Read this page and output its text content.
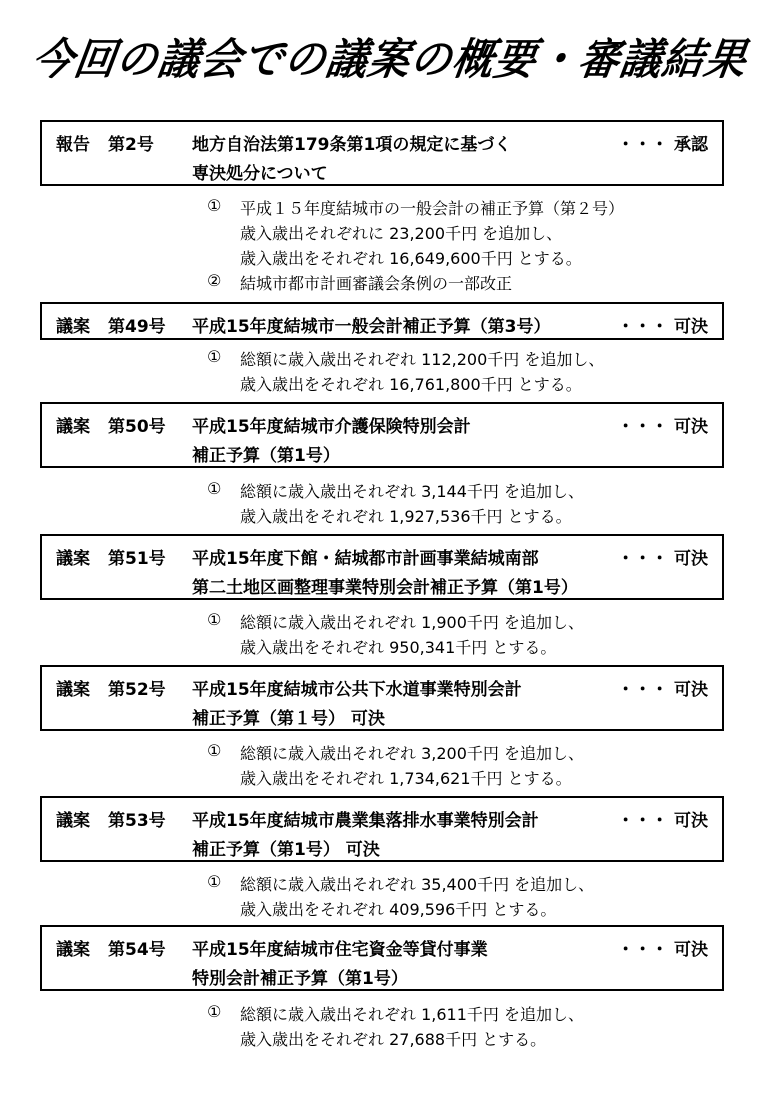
今回の議会での議案の概要・審議結果
報告 第2号 地方自治法第179条第1項の規定に基づく	・・・ 承認
専決処分について
① 平成１５年度結城市の一般会計の補正予算（第２号）
歳入歳出それぞれに 23,200千円 を追加し、
歳入歳出をそれぞれ 16,649,600千円 とする。
② 結城市都市計画審議会条例の一部改正
議案 第49号 平成15年度結城市一般会計補正予算（第3号）	・・・ 可決
① 総額に歳入歳出それぞれ 112,200千円 を追加し、
歳入歳出をそれぞれ 16,761,800千円 とする。
議案 第50号 平成15年度結城市介護保険特別会計	・・・ 可決
補正予算（第1号）
① 総額に歳入歳出それぞれ 3,144千円 を追加し、
歳入歳出をそれぞれ 1,927,536千円 とする。
議案 第51号 平成15年度下館・結城都市計画事業結城南部	・・・ 可決
第二土地区画整理事業特別会計補正予算（第1号）
① 総額に歳入歳出それぞれ 1,900千円 を追加し、
歳入歳出をそれぞれ 950,341千円 とする。
議案 第52号 平成15年度結城市公共下水道事業特別会計	・・・ 可決
補正予算（第１号） 可決
① 総額に歳入歳出それぞれ 3,200千円 を追加し、
歳入歳出をそれぞれ 1,734,621千円 とする。
議案 第53号 平成15年度結城市農業集落排水事業特別会計	・・・ 可決
補正予算（第1号） 可決
① 総額に歳入歳出それぞれ 35,400千円 を追加し、
歳入歳出をそれぞれ 409,596千円 とする。
議案 第54号 平成15年度結城市住宅資金等貸付事業	・・・ 可決
特別会計補正予算（第1号）
① 総額に歳入歳出それぞれ 1,611千円 を追加し、
歳入歳出をそれぞれ 27,688千円 とする。
